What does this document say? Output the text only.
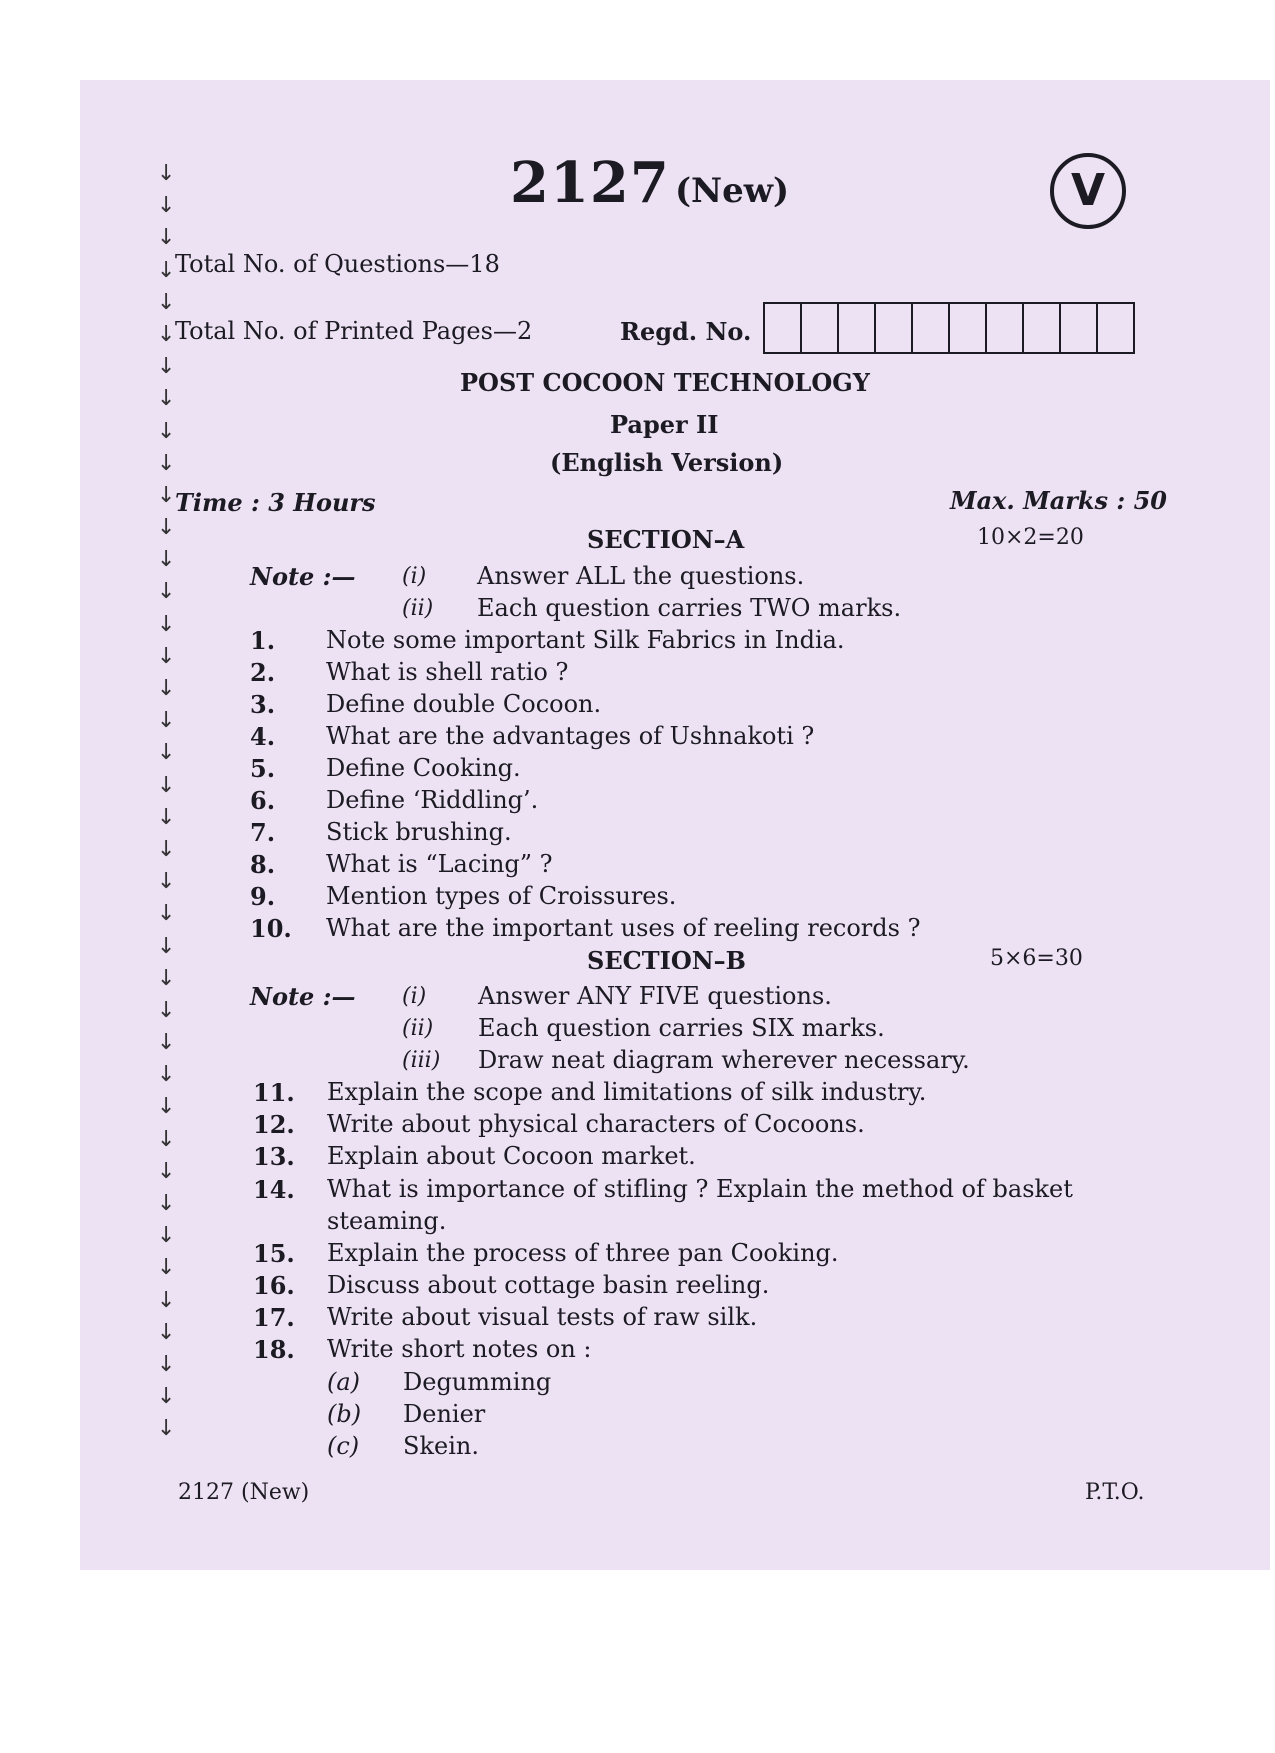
↓
↓
↓
↓
↓
↓
↓
↓
↓
↓
↓
↓
↓
↓
↓
↓
↓
↓
↓
↓
↓
↓
↓
↓
↓
↓
↓
↓
↓
↓
↓
↓
↓
↓
↓
↓
↓
↓
↓
↓
2127 (New)	V
Total No. of Questions—18
Total No. of Printed Pages—2	Regd. No.
POST COCOON TECHNOLOGY
Paper II
(English Version)
Time : 3 Hours	Max. Marks : 50
SECTION–A	10×2=20
Note :— (i) Answer ALL the questions.
(ii) Each question carries TWO marks.
1. Note some important Silk Fabrics in India.
2. What is shell ratio ?
3. Define double Cocoon.
4. What are the advantages of Ushnakoti ?
5. Define Cooking.
6. Define ‘Riddling’.
7. Stick brushing.
8. What is “Lacing” ?
9. Mention types of Croissures.
10. What are the important uses of reeling records ?
SECTION–B	5×6=30
Note :— (i) Answer ANY FIVE questions.
(ii) Each question carries SIX marks.
(iii) Draw neat diagram wherever necessary.
11. Explain the scope and limitations of silk industry.
12. Write about physical characters of Cocoons.
13. Explain about Cocoon market.
14. What is importance of stifling ? Explain the method of basket
steaming.
15. Explain the process of three pan Cooking.
16. Discuss about cottage basin reeling.
17. Write about visual tests of raw silk.
18. Write short notes on :
(a) Degumming
(b) Denier
(c) Skein.
2127 (New)	P.T.O.
